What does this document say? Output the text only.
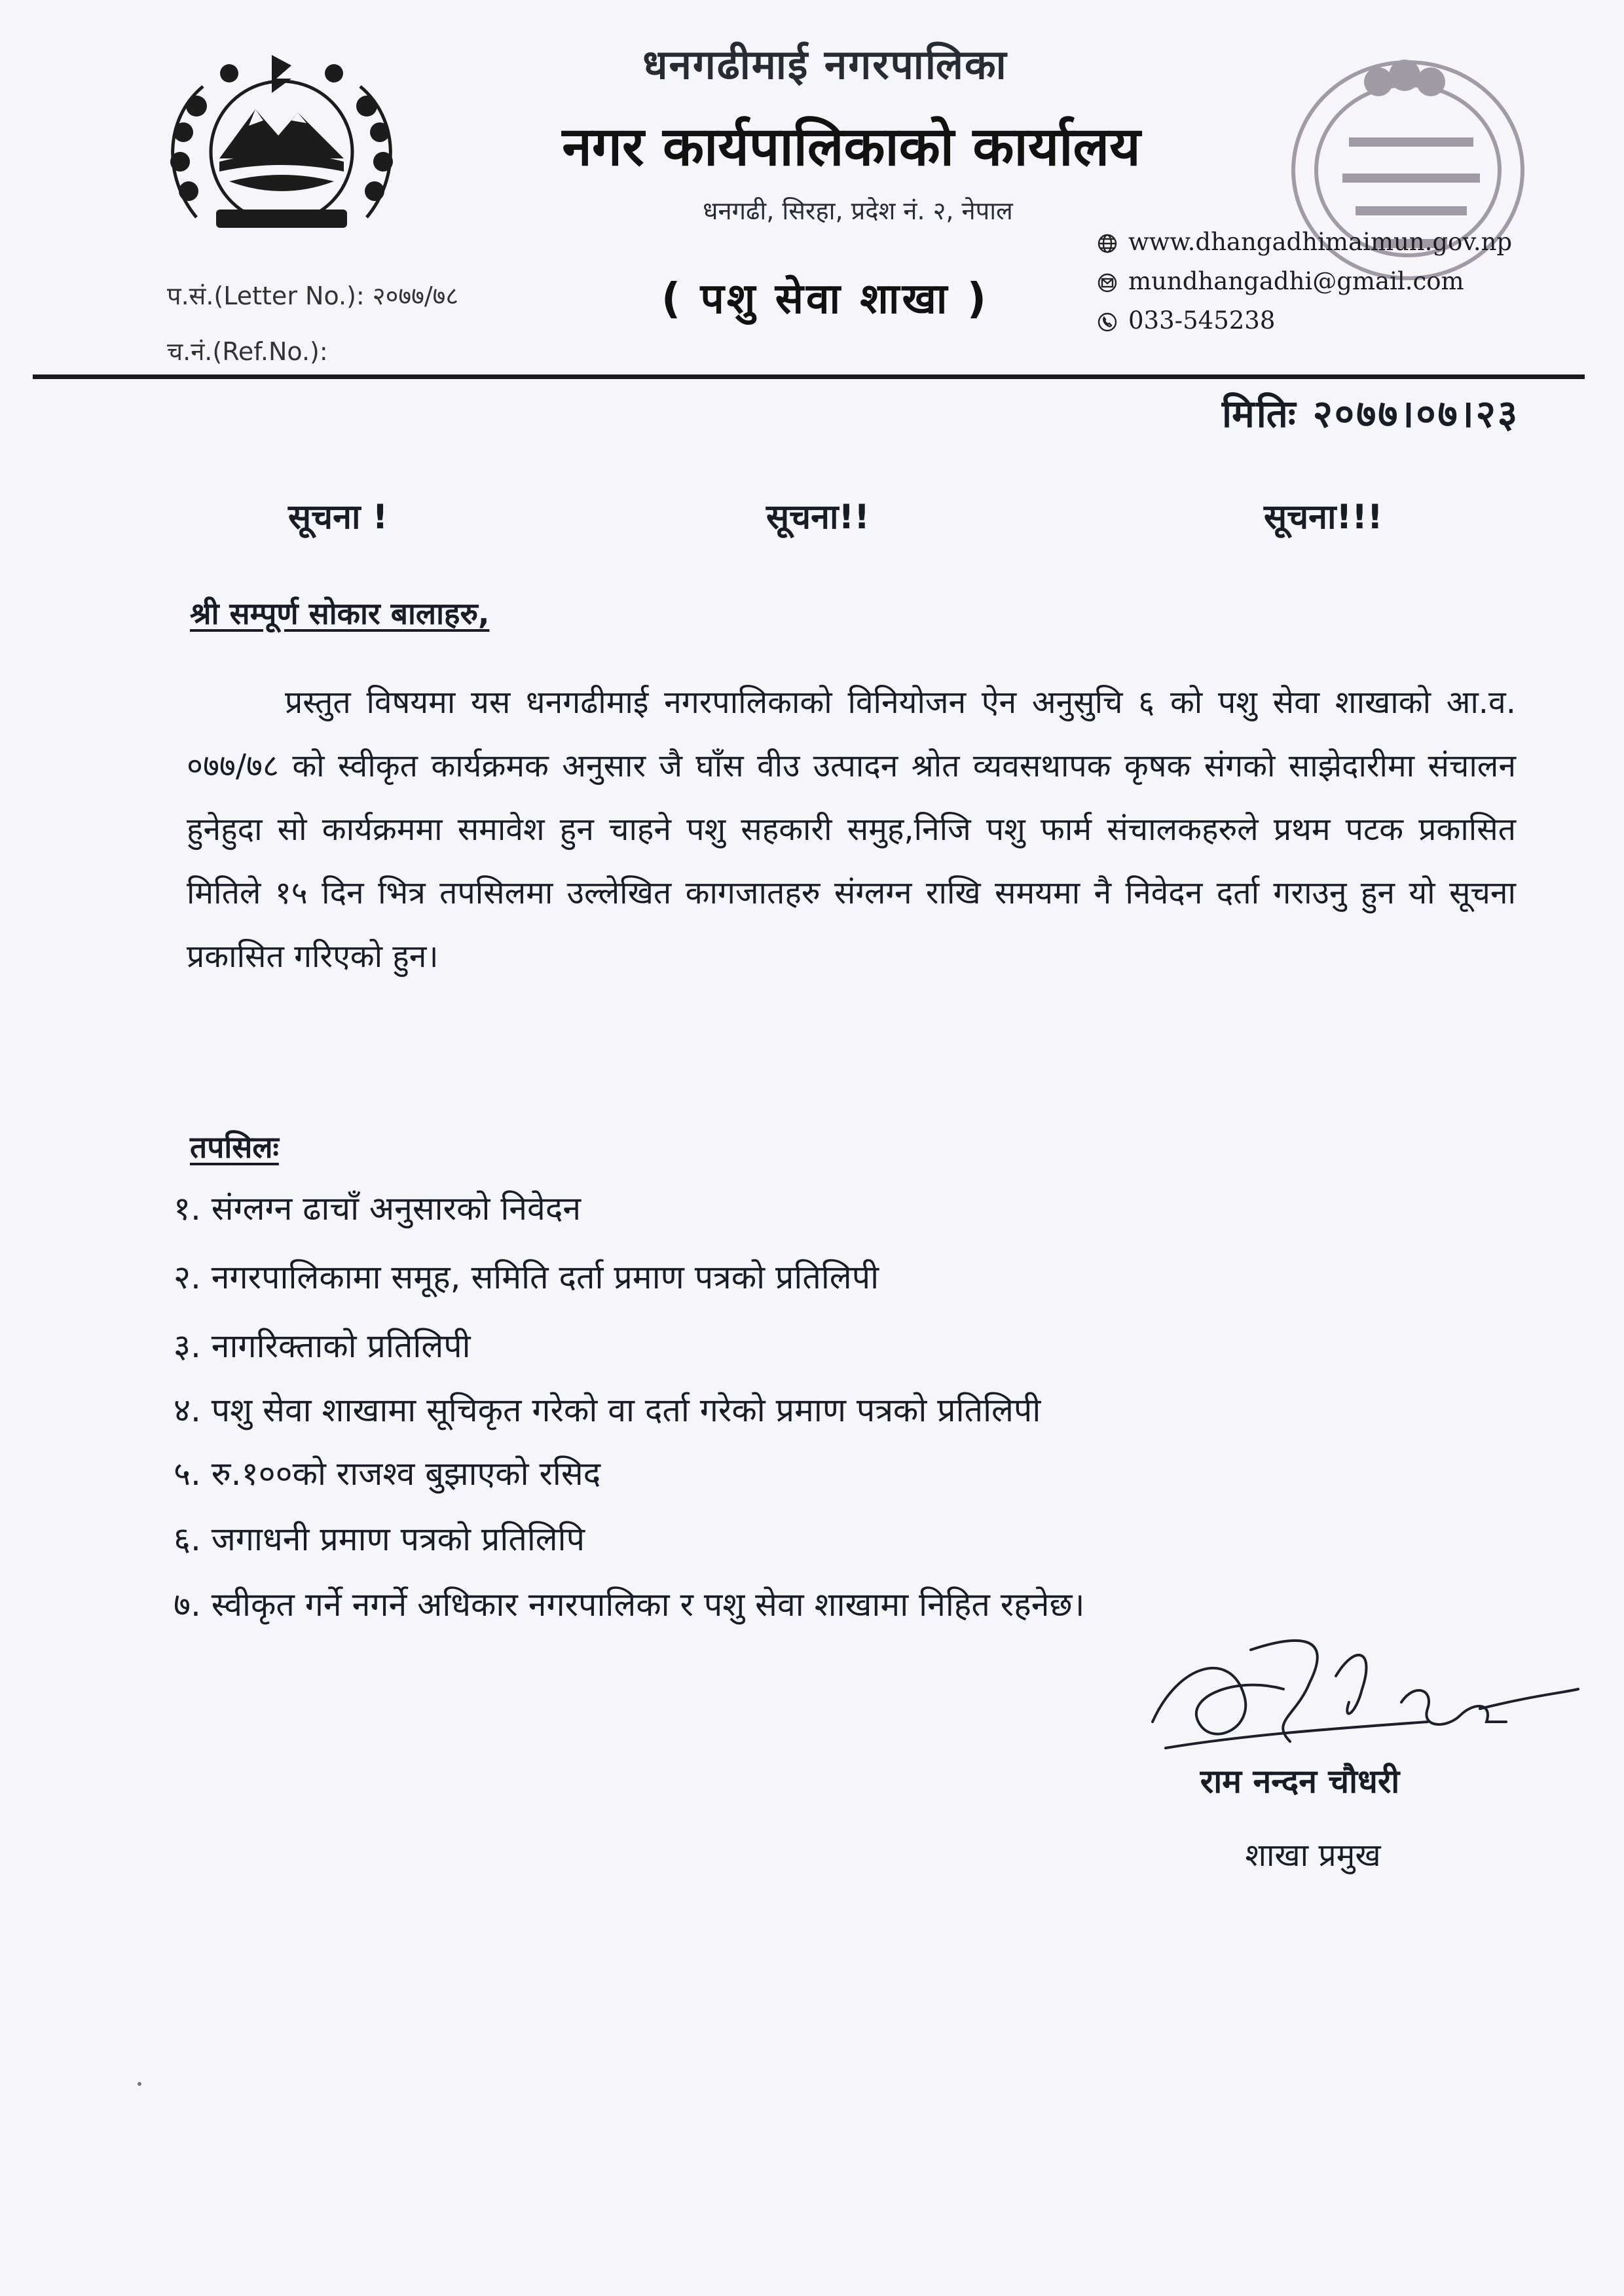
धनगढीमाई नगरपालिका
नगर कार्यपालिकाको कार्यालय
धनगढी, सिरहा, प्रदेश नं. २, नेपाल
( पशु सेवा शाखा )
www.dhangadhimaimun.gov.np
mundhangadhi@gmail.com
033-545238
प.सं.(Letter No.): २०७७/७८
च.नं.(Ref.No.):
मितिः २०७७।०७।२३
सूचना !	सूचना!!	सूचना!!!
श्री सम्पूर्ण सोकार बालाहरु,
प्रस्तुत विषयमा यस धनगढीमाई नगरपालिकाको विनियोजन ऐन अनुसुचि ६ को पशु सेवा शाखाको आ.व. ०७७/७८ को स्वीकृत कार्यक्रमक अनुसार जै घाँस वीउ उत्पादन श्रोत व्यवसथापक कृषक संगको साझेदारीमा संचालन हुनेहुदा सो कार्यक्रममा समावेश हुन चाहने पशु सहकारी समुह,निजि पशु फार्म संचालकहरुले प्रथम पटक प्रकासित मितिले १५ दिन भित्र तपसिलमा उल्लेखित कागजातहरु संग्लग्न राखि समयमा नै निवेदन दर्ता गराउनु हुन यो सूचना प्रकासित गरिएको हुन।
तपसिलः
१. संग्लग्न ढाचाँ अनुसारको निवेदन
२. नगरपालिकामा समूह, समिति दर्ता प्रमाण पत्रको प्रतिलिपी
३. नागरिक्ताको प्रतिलिपी
४. पशु सेवा शाखामा सूचिकृत गरेको वा दर्ता गरेको प्रमाण पत्रको प्रतिलिपी
५. रु.१००को राजश्व बुझाएको रसिद
६. जगाधनी प्रमाण पत्रको प्रतिलिपि
७. स्वीकृत गर्ने नगर्ने अधिकार नगरपालिका र पशु सेवा शाखामा निहित रहनेछ।
राम नन्दन चौधरी
शाखा प्रमुख
